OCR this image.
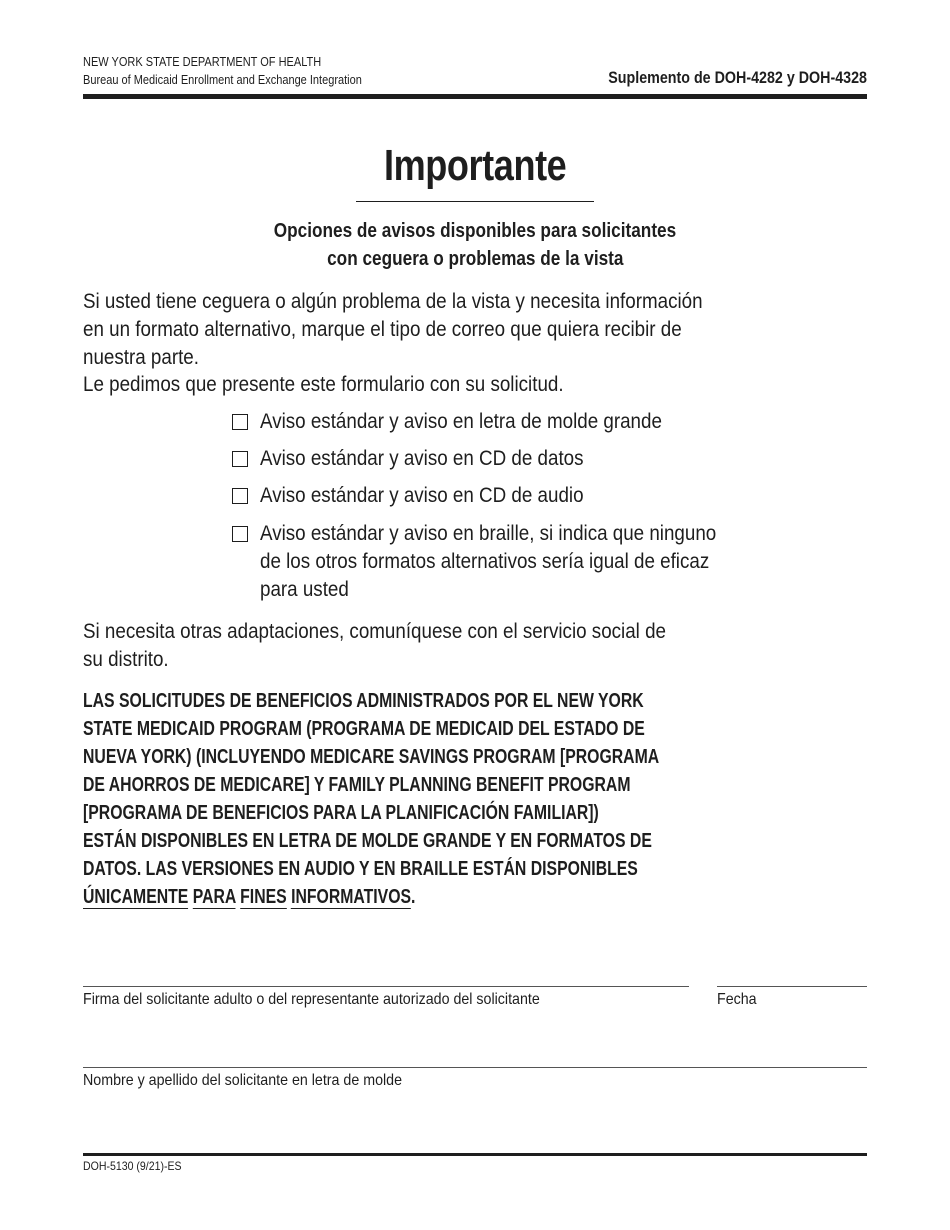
NEW YORK STATE DEPARTMENT OF HEALTH
Bureau of Medicaid Enrollment and Exchange Integration	Suplemento de DOH-4282 y DOH-4328
Importante
Opciones de avisos disponibles para solicitantes
con ceguera o problemas de la vista
Si usted tiene ceguera o algún problema de la vista y necesita información
en un formato alternativo, marque el tipo de correo que quiera recibir de
nuestra parte.
Le pedimos que presente este formulario con su solicitud.
Aviso estándar y aviso en letra de molde grande
Aviso estándar y aviso en CD de datos
Aviso estándar y aviso en CD de audio
Aviso estándar y aviso en braille, si indica que ninguno
de los otros formatos alternativos sería igual de eficaz
para usted
Si necesita otras adaptaciones, comuníquese con el servicio social de
su distrito.
LAS SOLICITUDES DE BENEFICIOS ADMINISTRADOS POR EL NEW YORK
STATE MEDICAID PROGRAM (PROGRAMA DE MEDICAID DEL ESTADO DE
NUEVA YORK) (INCLUYENDO MEDICARE SAVINGS PROGRAM [PROGRAMA
DE AHORROS DE MEDICARE] Y FAMILY PLANNING BENEFIT PROGRAM
[PROGRAMA DE BENEFICIOS PARA LA PLANIFICACIÓN FAMILIAR])
ESTÁN DISPONIBLES EN LETRA DE MOLDE GRANDE Y EN FORMATOS DE
DATOS. LAS VERSIONES EN AUDIO Y EN BRAILLE ESTÁN DISPONIBLES
ÚNICAMENTE PARA FINES INFORMATIVOS.
Firma del solicitante adulto o del representante autorizado del solicitante	Fecha
Nombre y apellido del solicitante en letra de molde
DOH-5130 (9/21)-ES
